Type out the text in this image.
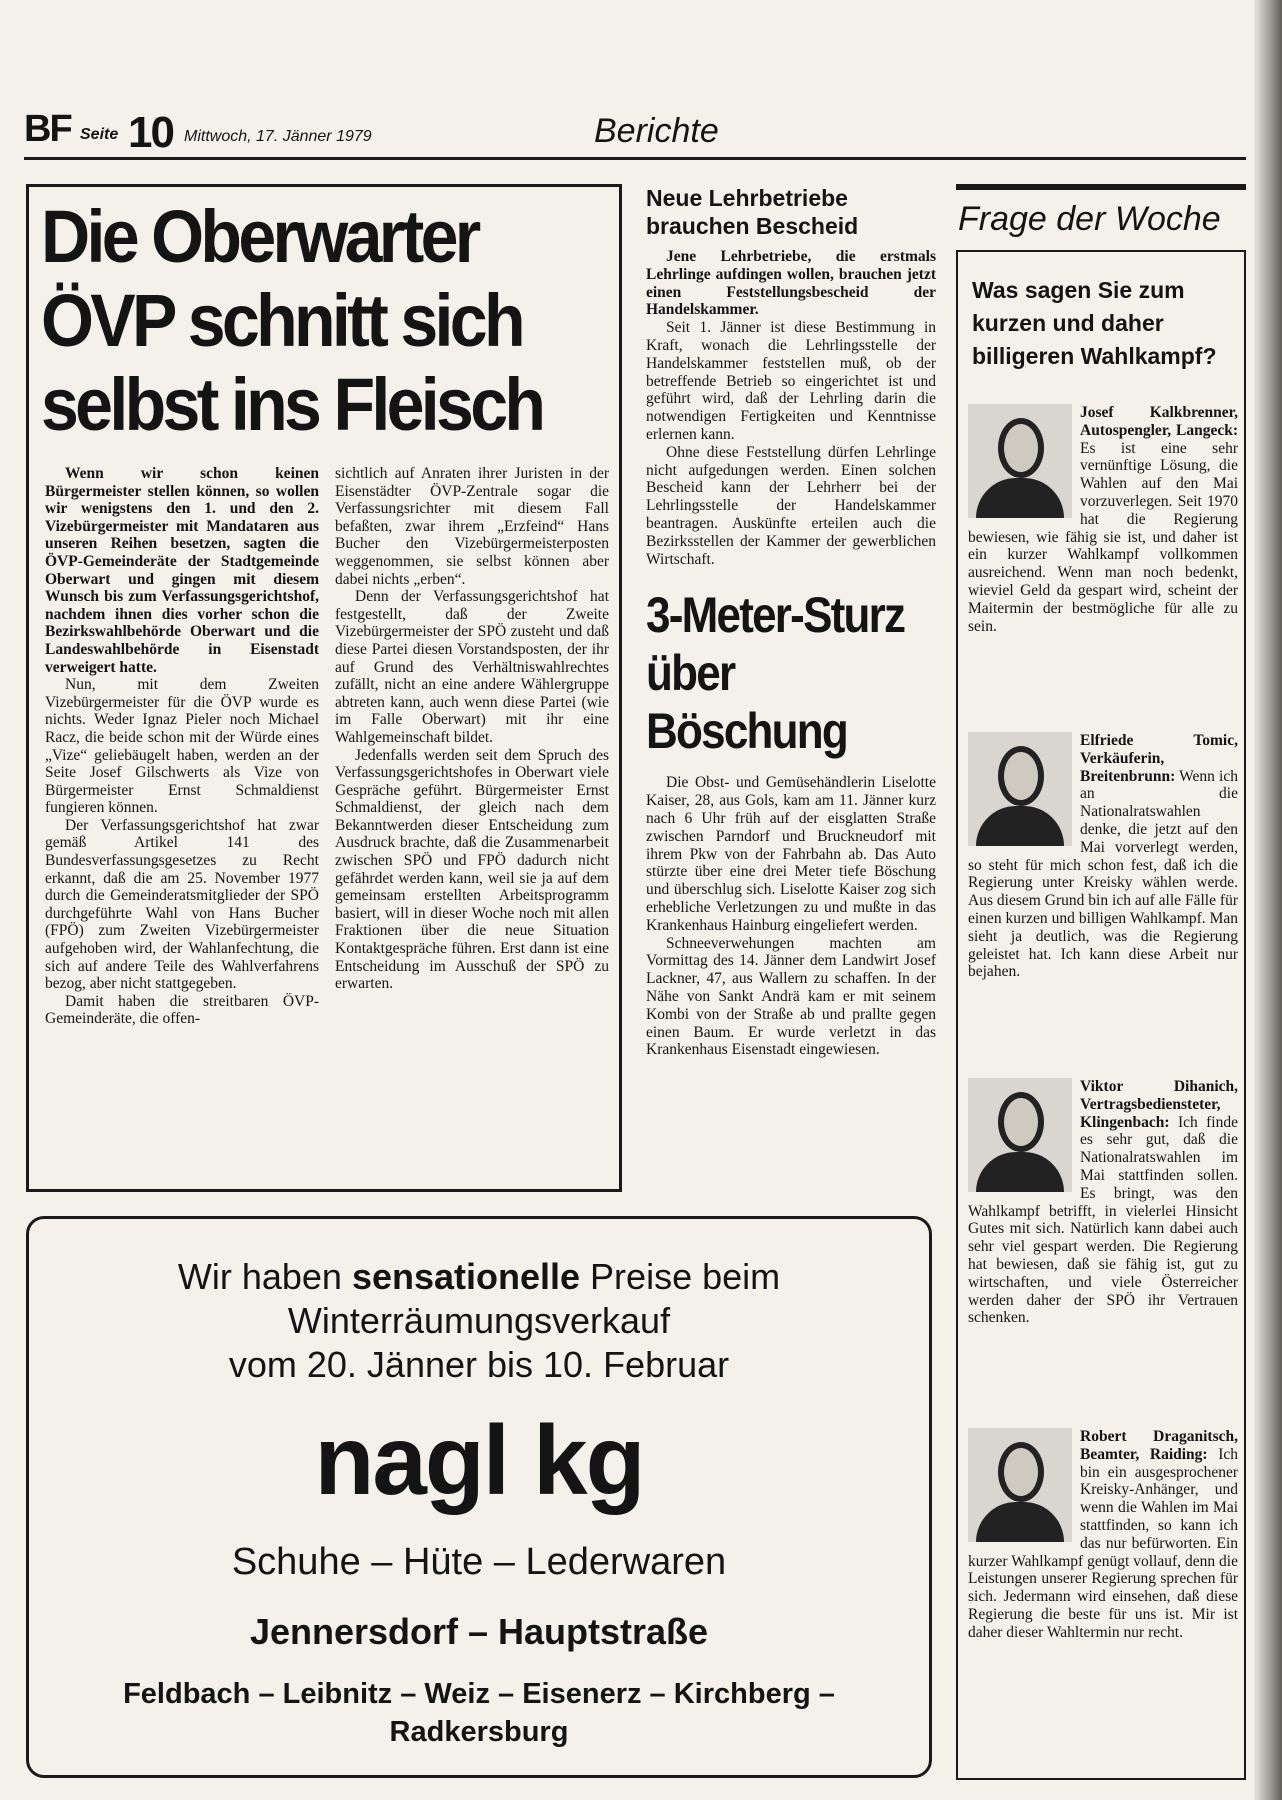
BF Seite 10 Mittwoch, 17. Jänner 1979	Berichte
Die Oberwarter ÖVP schnitt sich selbst ins Fleisch

Wenn wir schon keinen Bürgermeister stellen können, so wollen wir wenigstens den 1. und den 2. Vizebürgermeister mit Mandataren aus unseren Reihen besetzen, sagten die ÖVP-Gemeinderäte der Stadtgemeinde Oberwart und gingen mit diesem Wunsch bis zum Verfassungsgerichtshof, nachdem ihnen dies vorher schon die Bezirkswahlbehörde Oberwart und die Landeswahlbehörde in Eisenstadt verweigert hatte.

Nun, mit dem Zweiten Vizebürgermeister für die ÖVP wurde es nichts. Weder Ignaz Pieler noch Michael Racz, die beide schon mit der Würde eines „Vize“ geliebäugelt haben, werden an der Seite Josef Gilschwerts als Vize von Bürgermeister Ernst Schmaldienst fungieren können.

Der Verfassungsgerichtshof hat zwar gemäß Artikel 141 des Bundesverfassungsgesetzes zu Recht erkannt, daß die am 25. November 1977 durch die Gemeinderatsmitglieder der SPÖ durchgeführte Wahl von Hans Bucher (FPÖ) zum Zweiten Vizebürgermeister aufgehoben wird, der Wahlanfechtung, die sich auf andere Teile des Wahlverfahrens bezog, aber nicht stattgegeben.

Damit haben die streitbaren ÖVP-Gemeinderäte, die offen-

sichtlich auf Anraten ihrer Juristen in der Eisenstädter ÖVP-Zentrale sogar die Verfassungsrichter mit diesem Fall befaßten, zwar ihrem „Erzfeind“ Hans Bucher den Vizebürgermeisterposten weggenommen, sie selbst können aber dabei nichts „erben“.

Denn der Verfassungsgerichtshof hat festgestellt, daß der Zweite Vizebürgermeister der SPÖ zusteht und daß diese Partei diesen Vorstandsposten, der ihr auf Grund des Verhältniswahlrechtes zufällt, nicht an eine andere Wählergruppe abtreten kann, auch wenn diese Partei (wie im Falle Oberwart) mit ihr eine Wahlgemeinschaft bildet.

Jedenfalls werden seit dem Spruch des Verfassungsgerichtshofes in Oberwart viele Gespräche geführt. Bürgermeister Ernst Schmaldienst, der gleich nach dem Bekanntwerden dieser Entscheidung zum Ausdruck brachte, daß die Zusammenarbeit zwischen SPÖ und FPÖ dadurch nicht gefährdet werden kann, weil sie ja auf dem gemeinsam erstellten Arbeitsprogramm basiert, will in dieser Woche noch mit allen Fraktionen über die neue Situation Kontaktgespräche führen. Erst dann ist eine Entscheidung im Ausschuß der SPÖ zu erwarten.

Neue Lehrbetriebe brauchen Bescheid

Jene Lehrbetriebe, die erstmals Lehrlinge aufdingen wollen, brauchen jetzt einen Feststellungsbescheid der Handelskammer.

Seit 1. Jänner ist diese Bestimmung in Kraft, wonach die Lehrlingsstelle der Handelskammer feststellen muß, ob der betreffende Betrieb so eingerichtet ist und geführt wird, daß der Lehrling darin die notwendigen Fertigkeiten und Kenntnisse erlernen kann.

Ohne diese Feststellung dürfen Lehrlinge nicht aufgedungen werden. Einen solchen Bescheid kann der Lehrherr bei der Lehrlingsstelle der Handelskammer beantragen. Auskünfte erteilen auch die Bezirksstellen der Kammer der gewerblichen Wirtschaft.

3-Meter-Sturz über Böschung

Die Obst- und Gemüsehändlerin Liselotte Kaiser, 28, aus Gols, kam am 11. Jänner kurz nach 6 Uhr früh auf der eisglatten Straße zwischen Parndorf und Bruckneudorf mit ihrem Pkw von der Fahrbahn ab. Das Auto stürzte über eine drei Meter tiefe Böschung und überschlug sich. Liselotte Kaiser zog sich erhebliche Verletzungen zu und mußte in das Krankenhaus Hainburg eingeliefert werden.

Schneeverwehungen machten am Vormittag des 14. Jänner dem Landwirt Josef Lackner, 47, aus Wallern zu schaffen. In der Nähe von Sankt Andrä kam er mit seinem Kombi von der Straße ab und prallte gegen einen Baum. Er wurde verletzt in das Krankenhaus Eisenstadt eingewiesen.

Frage der Woche
Was sagen Sie zum kurzen und daher billigeren Wahlkampf?
Josef Kalkbrenner, Autospengler, Langeck: Es ist eine sehr vernünftige Lösung, die Wahlen auf den Mai vorzuverlegen. Seit 1970 hat die Regierung bewiesen, wie fähig sie ist, und daher ist ein kurzer Wahlkampf vollkommen ausreichend. Wenn man noch bedenkt, wieviel Geld da gespart wird, scheint der Maitermin der bestmögliche für alle zu sein.
Elfriede Tomic, Verkäuferin, Breitenbrunn: Wenn ich an die Nationalratswahlen denke, die jetzt auf den Mai vorverlegt werden, so steht für mich schon fest, daß ich die Regierung unter Kreisky wählen werde. Aus diesem Grund bin ich auf alle Fälle für einen kurzen und billigen Wahlkampf. Man sieht ja deutlich, was die Regierung geleistet hat. Ich kann diese Arbeit nur bejahen.
Viktor Dihanich, Vertragsbediensteter, Klingenbach: Ich finde es sehr gut, daß die Nationalratswahlen im Mai stattfinden sollen. Es bringt, was den Wahlkampf betrifft, in vielerlei Hinsicht Gutes mit sich. Natürlich kann dabei auch sehr viel gespart werden. Die Regierung hat bewiesen, daß sie fähig ist, gut zu wirtschaften, und viele Österreicher werden daher der SPÖ ihr Vertrauen schenken.
Robert Draganitsch, Beamter, Raiding: Ich bin ein ausgesprochener Kreisky-Anhänger, und wenn die Wahlen im Mai stattfinden, so kann ich das nur befürworten. Ein kurzer Wahlkampf genügt vollauf, denn die Leistungen unserer Regierung sprechen für sich. Jedermann wird einsehen, daß diese Regierung die beste für uns ist. Mir ist daher dieser Wahltermin nur recht.
Wir haben sensationelle Preise beim
Winterräumungsverkauf
vom 20. Jänner bis 10. Februar
nagl kg
Schuhe – Hüte – Lederwaren
Jennersdorf – Hauptstraße
Feldbach – Leibnitz – Weiz – Eisenerz – Kirchberg – Radkersburg
